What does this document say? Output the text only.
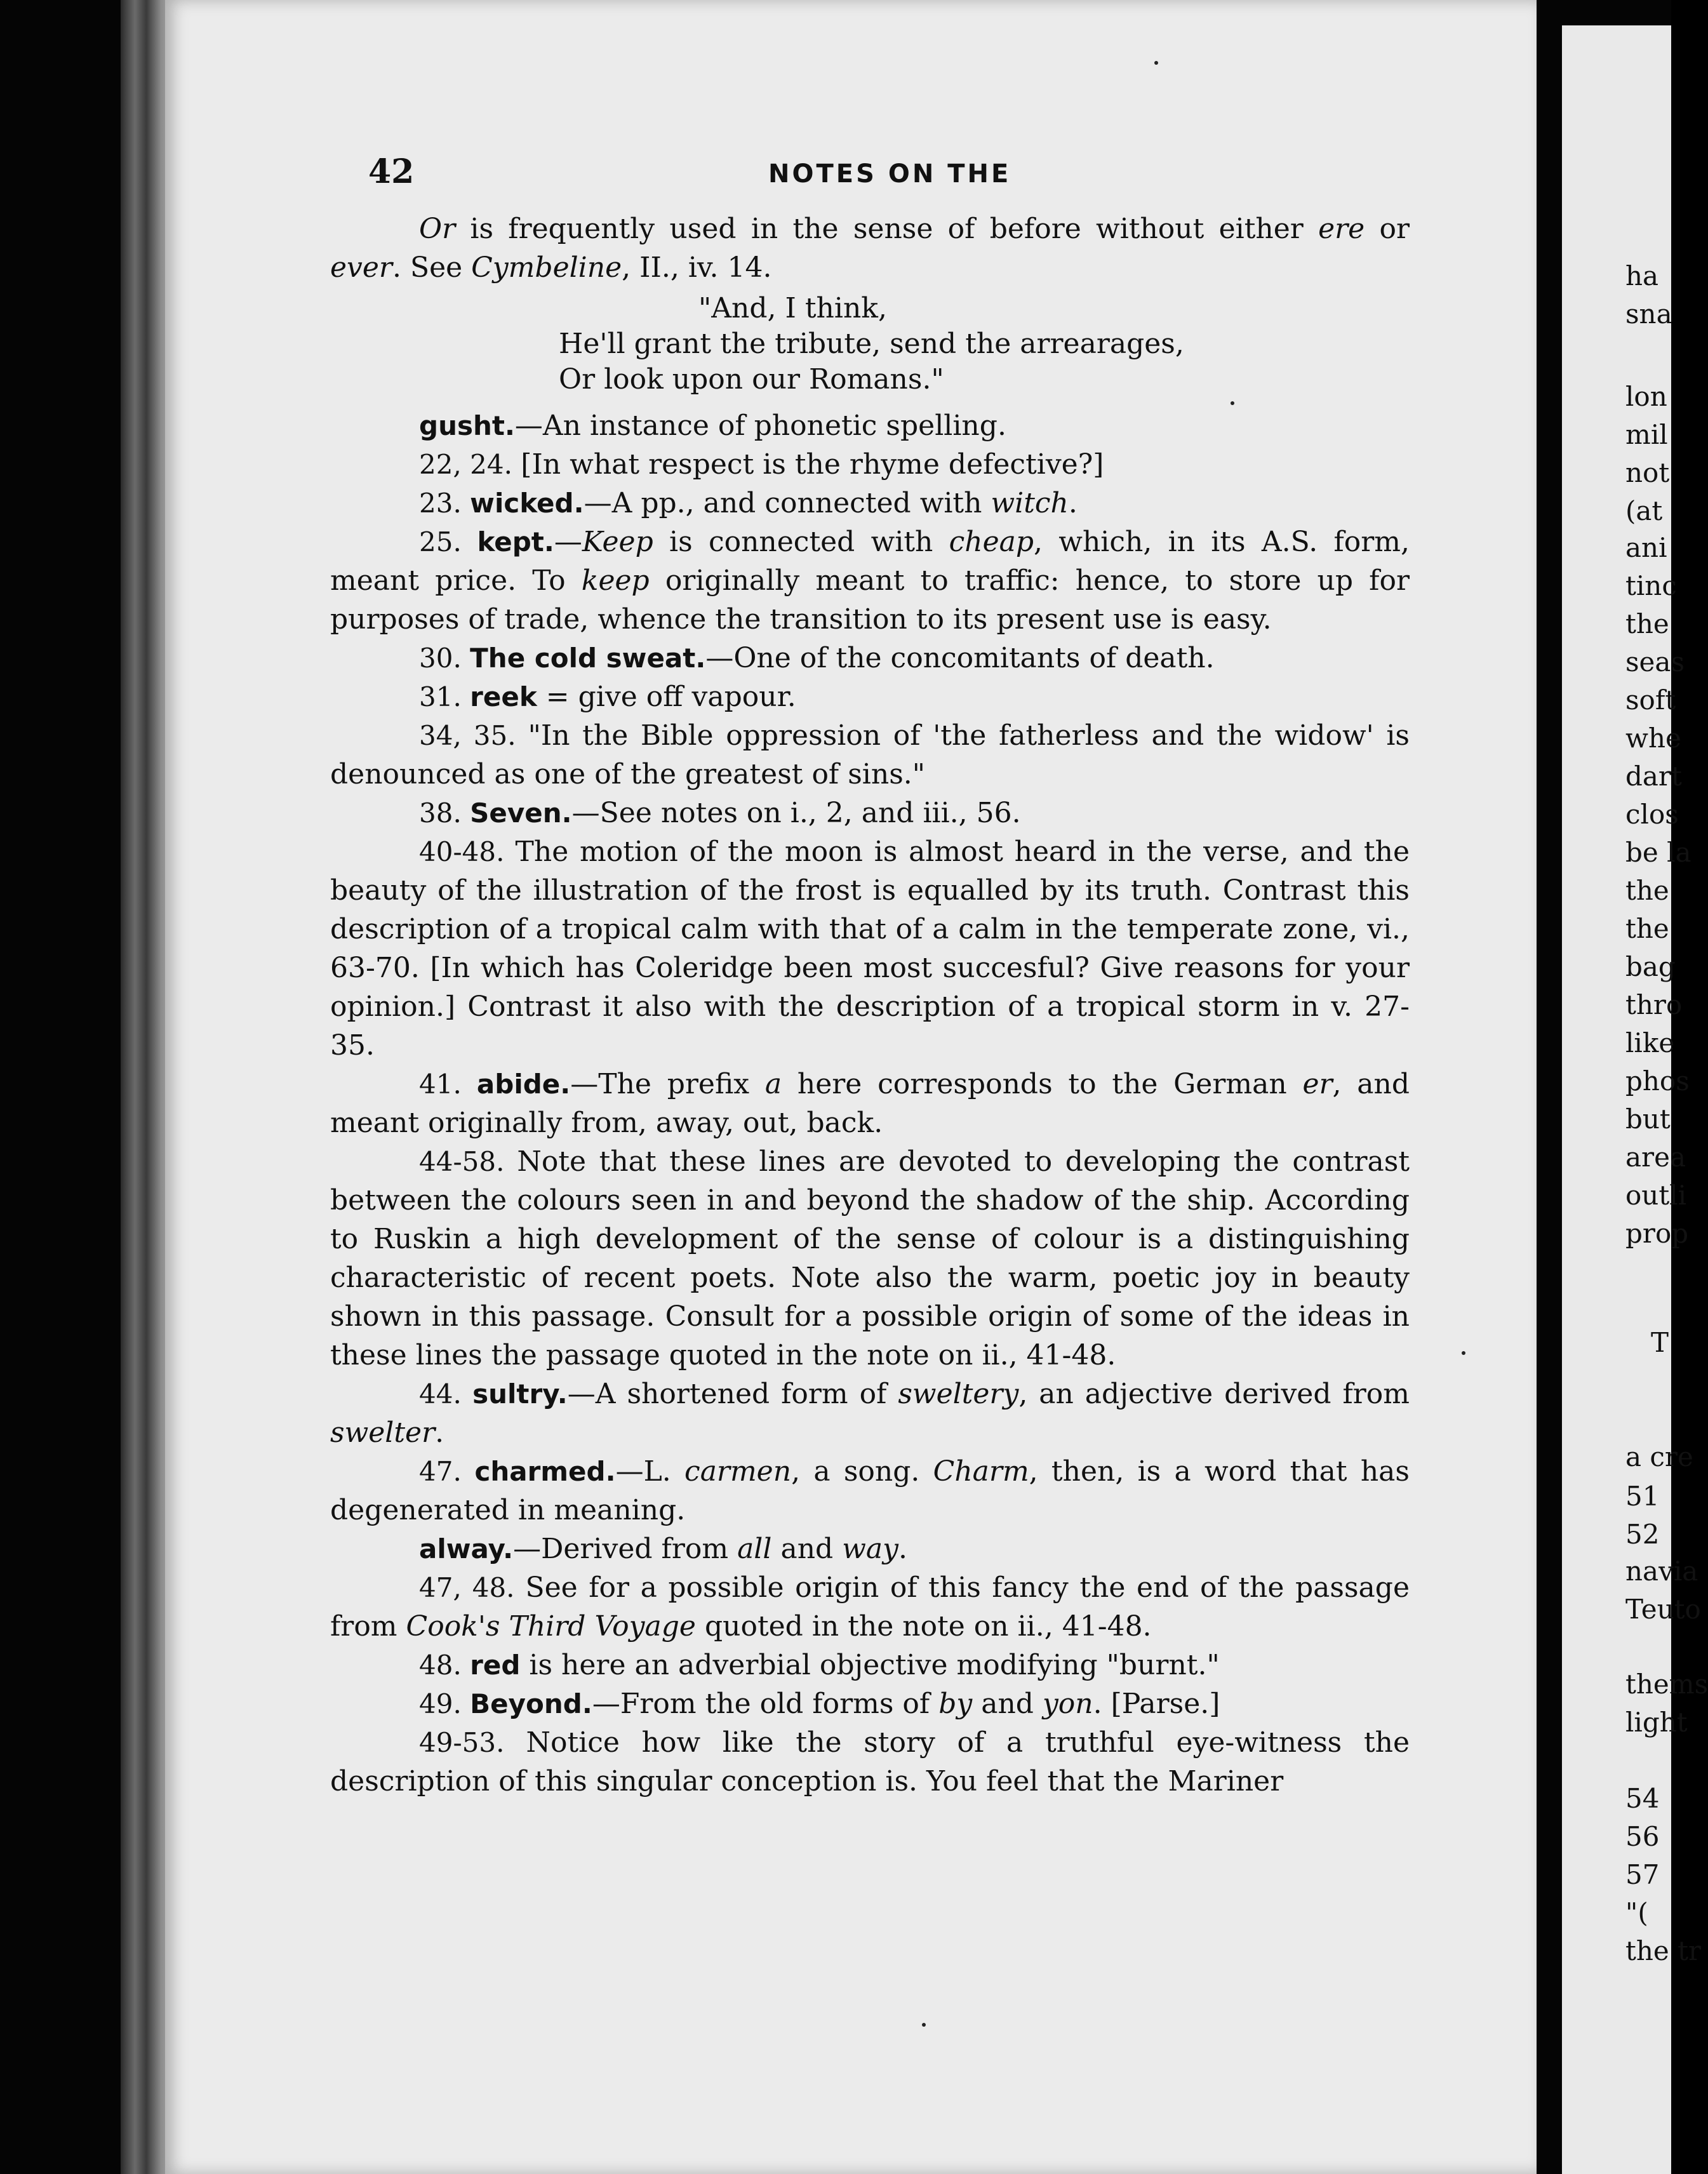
42	NOTES ON THE

Or is frequently used in the sense of before without either ere or ever. See Cymbeline, II., iv. 14.

"And, I think,
He'll grant the tribute, send the arrearages,
Or look upon our Romans."

gusht.—An instance of phonetic spelling.

22, 24. [In what respect is the rhyme defective?]

23. wicked.—A pp., and connected with witch.

25. kept.—Keep is connected with cheap, which, in its A.S. form, meant price. To keep originally meant to traffic: hence, to store up for purposes of trade, whence the transition to its present use is easy.

30. The cold sweat.—One of the concomitants of death.

31. reek = give off vapour.

34, 35. "In the Bible oppression of 'the fatherless and the widow' is denounced as one of the greatest of sins."

38. Seven.—See notes on i., 2, and iii., 56.

40-48. The motion of the moon is almost heard in the verse, and the beauty of the illustration of the frost is equalled by its truth. Contrast this description of a tropical calm with that of a calm in the temperate zone, vi., 63-70. [In which has Coleridge been most succesful? Give reasons for your opinion.] Contrast it also with the description of a tropical storm in v. 27-35.

41. abide.—The prefix a here corresponds to the German er, and meant originally from, away, out, back.

44-58. Note that these lines are devoted to developing the contrast between the colours seen in and beyond the shadow of the ship. According to Ruskin a high development of the sense of colour is a distinguishing characteristic of recent poets. Note also the warm, poetic joy in beauty shown in this passage. Consult for a possible origin of some of the ideas in these lines the passage quoted in the note on ii., 41-48.

44. sultry.—A shortened form of sweltery, an adjective derived from swelter.

47. charmed.—L. carmen, a song. Charm, then, is a word that has degenerated in meaning.

alway.—Derived from all and way.

47, 48. See for a possible origin of this fancy the end of the passage from Cook's Third Voyage quoted in the note on ii., 41-48.

48. red is here an adverbial objective modifying "burnt."

49. Beyond.—From the old forms of by and yon. [Parse.]

49-53. Notice how like the story of a truthful eye-witness the description of this singular conception is. You feel that the Mariner

ha
sna
lon
mil
not
(at
ani
tinc
the
seas
soft
whe
dart
clos
be la
the
the
bag
thro
like
phos
but
area
outli
prop
T
a cre
51
52
navia
Teuto
thems
light
54
56
57
"(
the tr
